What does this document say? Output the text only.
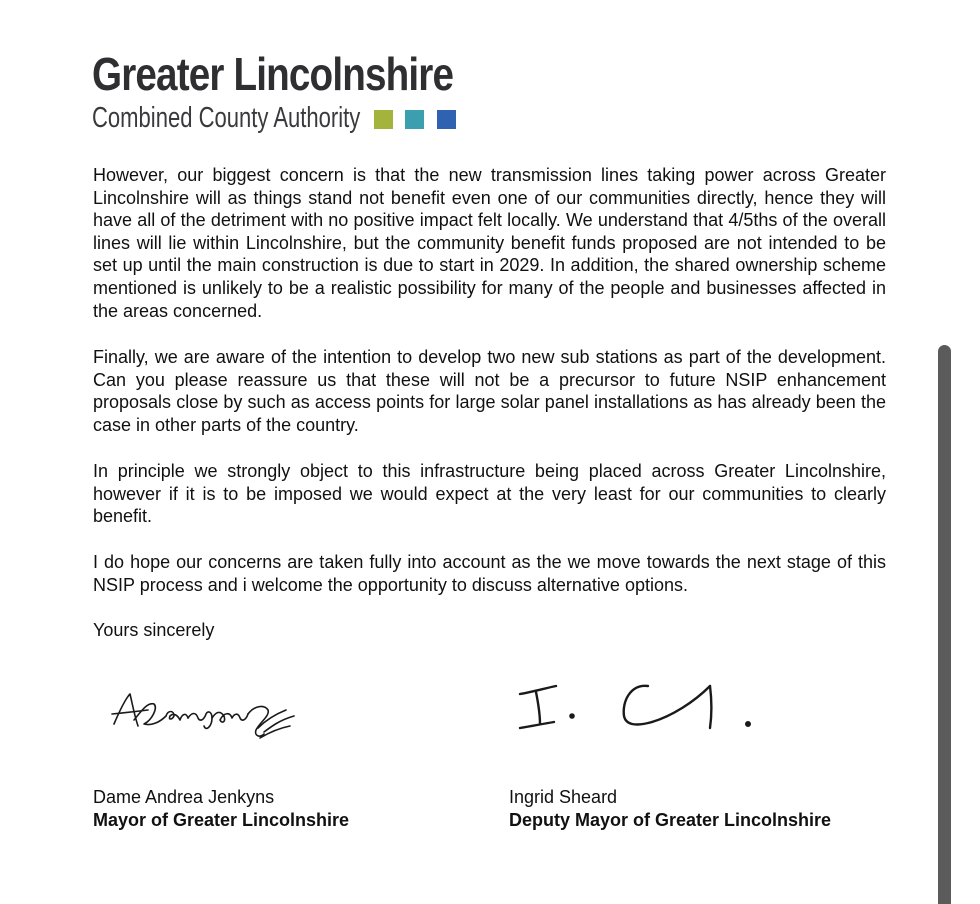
Greater Lincolnshire
Combined County Authority

However, our biggest concern is that the new transmission lines taking power across Greater Lincolnshire will as things stand not benefit even one of our communities directly, hence they will have all of the detriment with no positive impact felt locally. We understand that 4/5ths of the overall lines will lie within Lincolnshire, but the community benefit funds proposed are not intended to be set up until the main construction is due to start in 2029. In addition, the shared ownership scheme mentioned is unlikely to be a realistic possibility for many of the people and businesses affected in the areas concerned.

Finally, we are aware of the intention to develop two new sub stations as part of the development. Can you please reassure us that these will not be a precursor to future NSIP enhancement proposals close by such as access points for large solar panel installations as has already been the case in other parts of the country.

In principle we strongly object to this infrastructure being placed across Greater Lincolnshire, however if it is to be imposed we would expect at the very least for our communities to clearly benefit.

I do hope our concerns are taken fully into account as the we move towards the next stage of this NSIP process and i welcome the opportunity to discuss alternative options.

Yours sincerely

Dame Andrea Jenkyns
Mayor of Greater Lincolnshire
Ingrid Sheard
Deputy Mayor of Greater Lincolnshire
